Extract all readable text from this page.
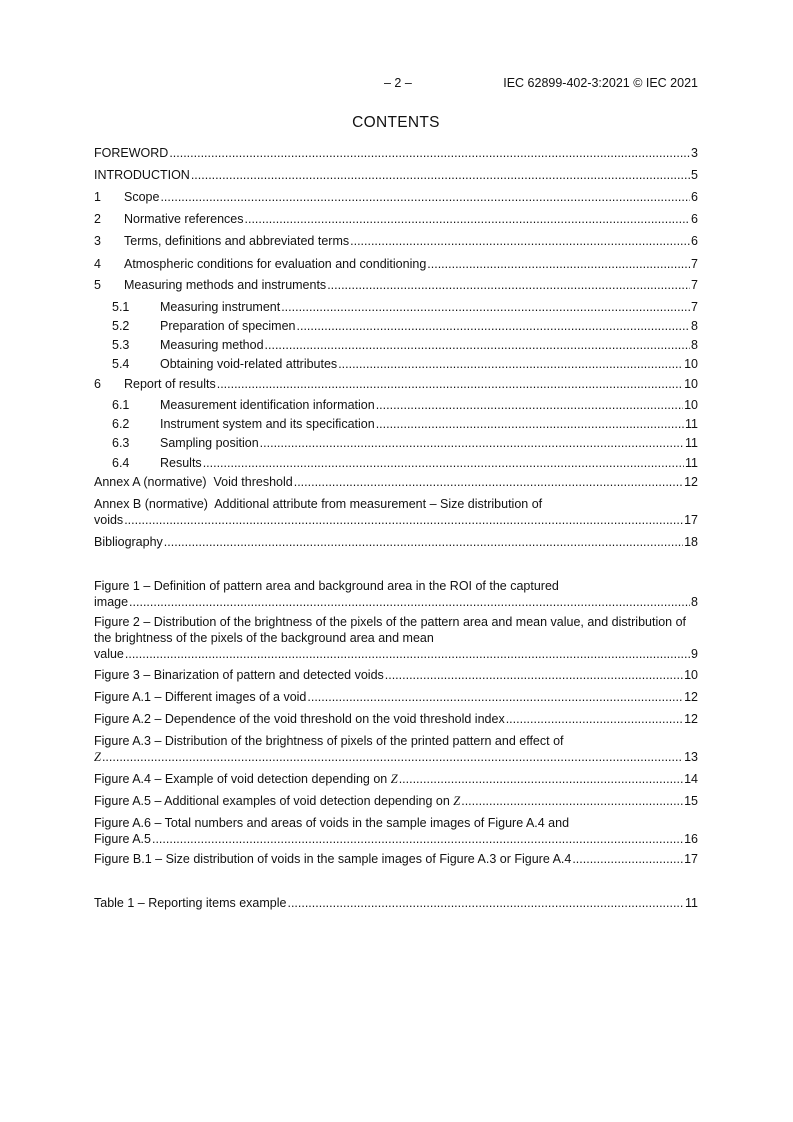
– 2 –	IEC 62899-402-3:2021 © IEC 2021
CONTENTS
FOREWORD .....	3
INTRODUCTION .....	5
1	Scope .....	6
2	Normative references .....	6
3	Terms, definitions and abbreviated terms .....	6
4	Atmospheric conditions for evaluation and conditioning .....	7
5	Measuring methods and instruments .....	7
5.1	Measuring instrument .....	7
5.2	Preparation of specimen .....	8
5.3	Measuring method .....	8
5.4	Obtaining void-related attributes .....	10
6	Report of results .....	10
6.1	Measurement identification information .....	10
6.2	Instrument system and its specification .....	11
6.3	Sampling position .....	11
6.4	Results .....	11
Annex A (normative)  Void threshold .....	12
Annex B (normative)  Additional attribute from measurement – Size distribution of
voids .....	17
Bibliography .....	18
Figure 1 – Definition of pattern area and background area in the ROI of the captured
image .....	8
Figure 2 – Distribution of the brightness of the pixels of the pattern area and mean value, and distribution of the brightness of the pixels of the background area and mean
value .....	9
Figure 3 – Binarization of pattern and detected voids .....	10
Figure A.1 – Different images of a void .....	12
Figure A.2 – Dependence of the void threshold on the void threshold index .....	12
Figure A.3 – Distribution of the brightness of pixels of the printed pattern and effect of
Z .....	13
Figure A.4 – Example of void detection depending on Z .....	14
Figure A.5 – Additional examples of void detection depending on Z .....	15
Figure A.6 – Total numbers and areas of voids in the sample images of Figure A.4 and
Figure A.5 .....	16
Figure B.1 – Size distribution of voids in the sample images of Figure A.3 or Figure A.4 .....	17
Table 1 – Reporting items example .....	11
